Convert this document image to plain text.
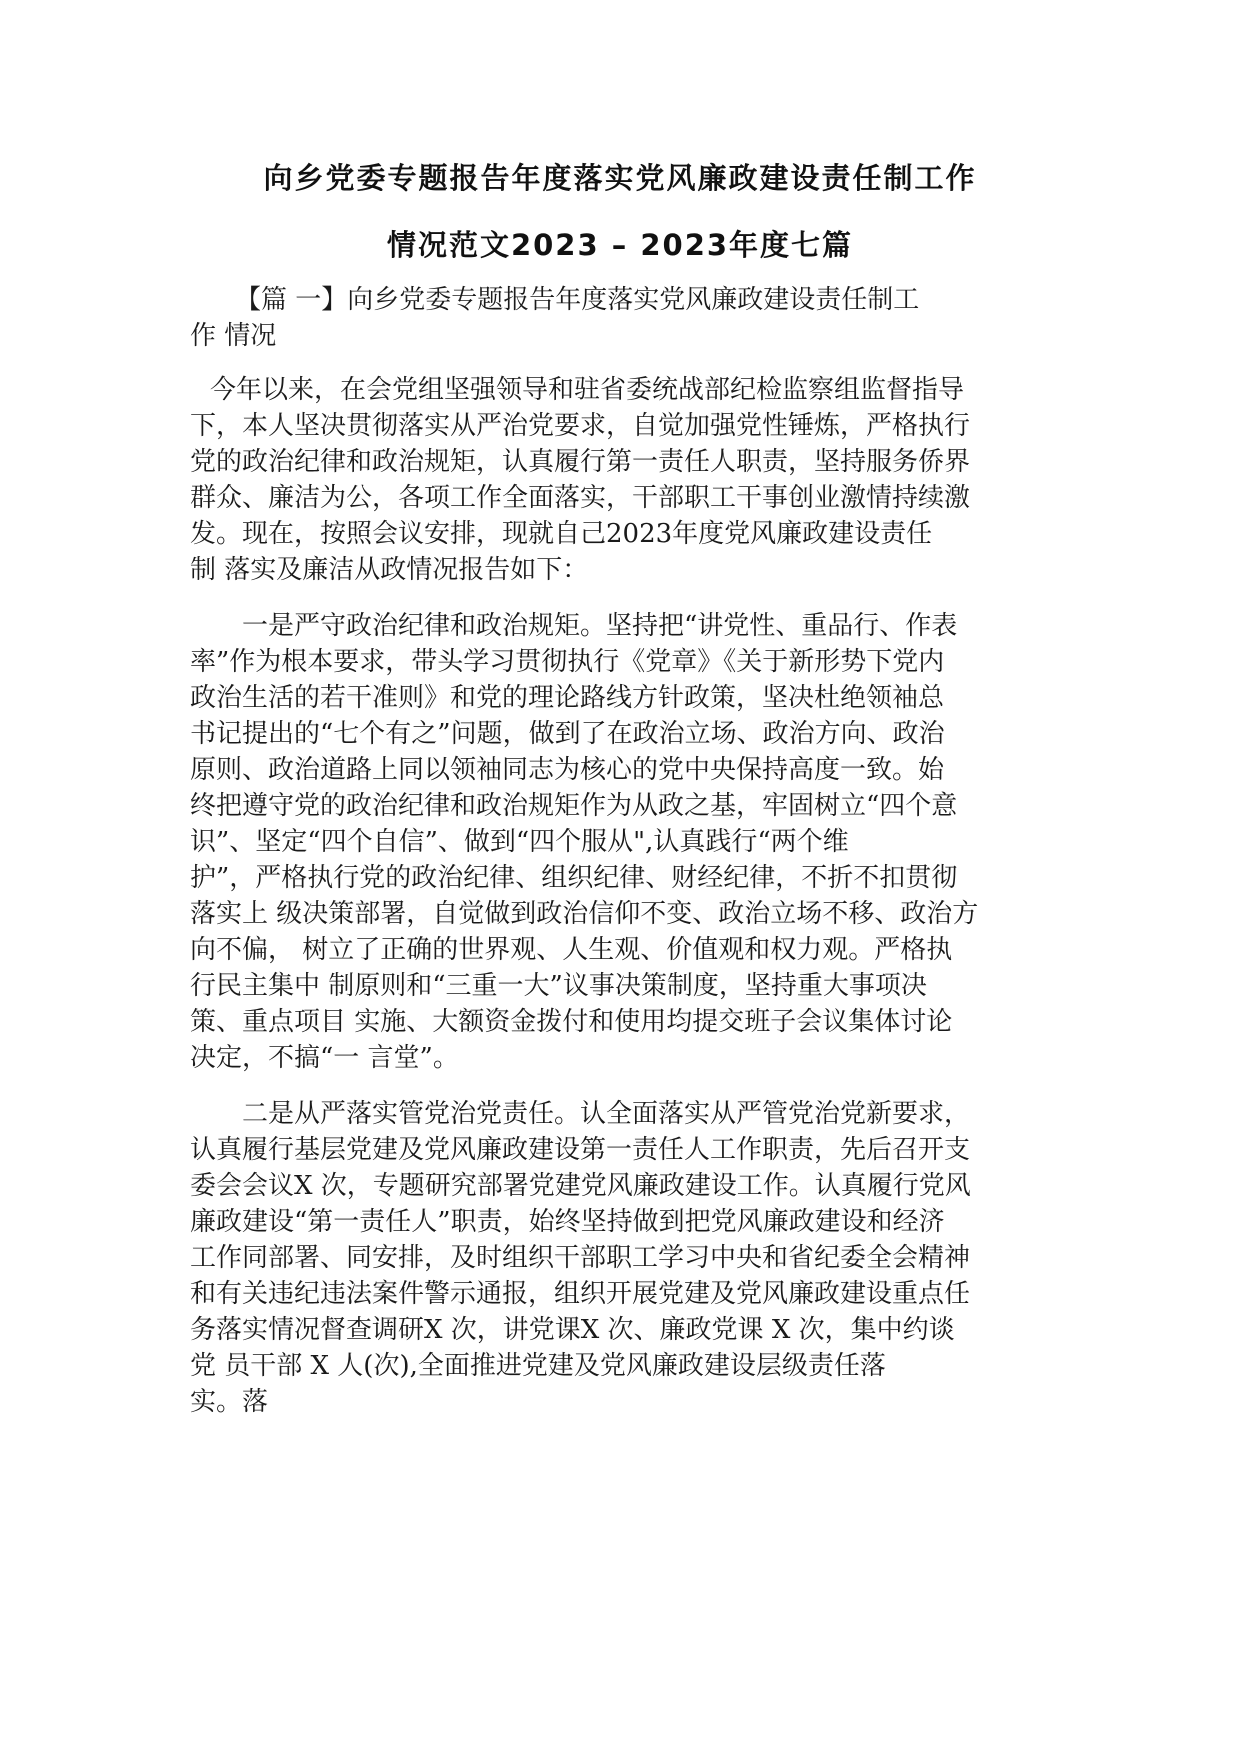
向乡党委专题报告年度落实党风廉政建设责任制工作
情况范文2023 – 2023年度七篇
【篇 一】向乡党委专题报告年度落实党风廉政建设责任制工
作 情况
今年以来，在会党组坚强领导和驻省委统战部纪检监察组监督指导
下，本人坚决贯彻落实从严治党要求，自觉加强党性锤炼，严格执行
党的政治纪律和政治规矩，认真履行第一责任人职责，坚持服务侨界
群众、廉洁为公，各项工作全面落实，干部职工干事创业激情持续激
发。现在，按照会议安排，现就自己2023年度党风廉政建设责任
制 落实及廉洁从政情况报告如下：
一是严守政治纪律和政治规矩。坚持把“讲党性、重品行、作表
率”作为根本要求，带头学习贯彻执行《党章》《关于新形势下党内
政治生活的若干准则》和党的理论路线方针政策，坚决杜绝领袖总
书记提出的“七个有之”问题，做到了在政治立场、政治方向、政治
原则、政治道路上同以领袖同志为核心的党中央保持高度一致。始
终把遵守党的政治纪律和政治规矩作为从政之基，牢固树立“四个意
识”、坚定“四个自信”、做到“四个服从",认真践行“两个维
护”，严格执行党的政治纪律、组织纪律、财经纪律，不折不扣贯彻
落实上 级决策部署，自觉做到政治信仰不变、政治立场不移、政治方
向不偏， 树立了正确的世界观、人生观、价值观和权力观。严格执
行民主集中 制原则和“三重一大”议事决策制度，坚持重大事项决
策、重点项目 实施、大额资金拨付和使用均提交班子会议集体讨论
决定，不搞“一 言堂”。
二是从严落实管党治党责任。认全面落实从严管党治党新要求，
认真履行基层党建及党风廉政建设第一责任人工作职责，先后召开支
委会会议X 次，专题研究部署党建党风廉政建设工作。认真履行党风
廉政建设“第一责任人”职责，始终坚持做到把党风廉政建设和经济
工作同部署、同安排，及时组织干部职工学习中央和省纪委全会精神
和有关违纪违法案件警示通报，组织开展党建及党风廉政建设重点任
务落实情况督查调研X 次，讲党课X 次、廉政党课 X 次，集中约谈
党 员干部 X 人(次),全面推进党建及党风廉政建设层级责任落
实。落
